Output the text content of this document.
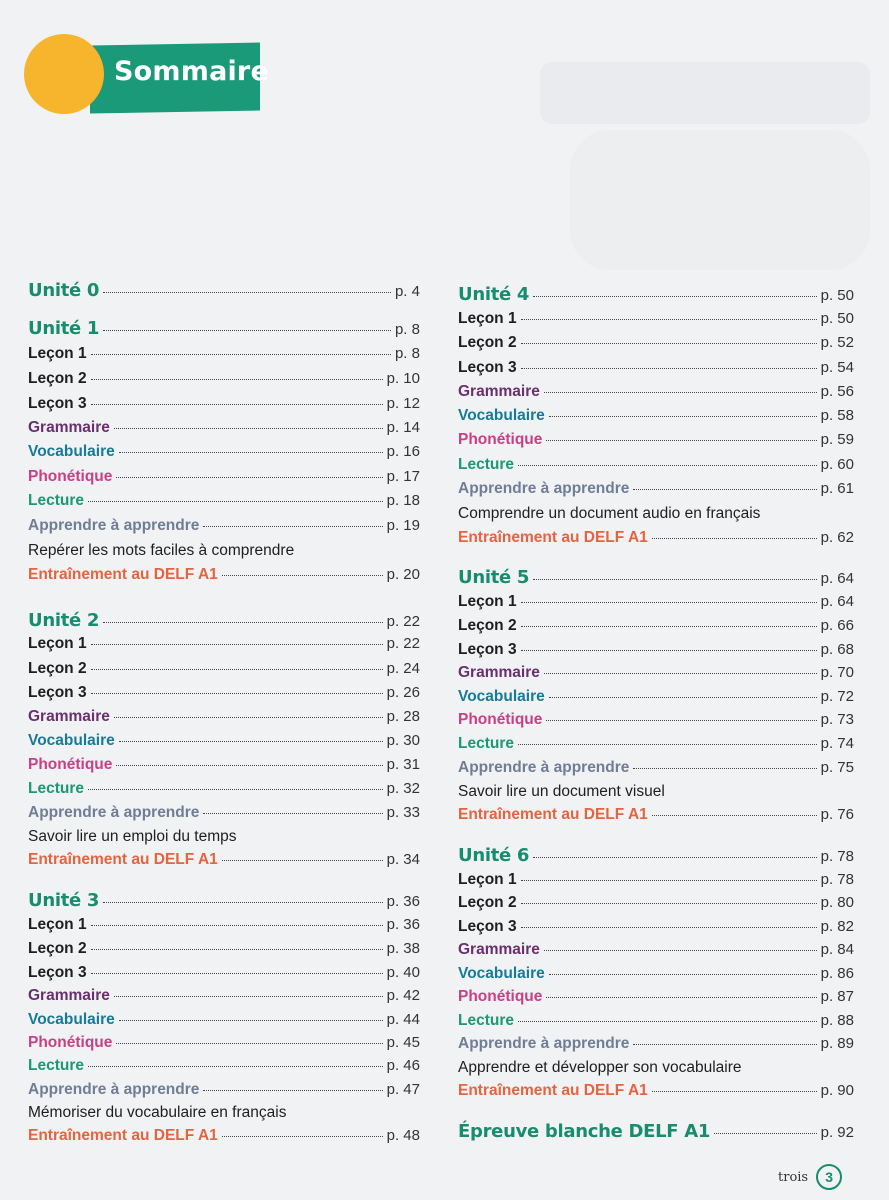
Sommaire
Unité 0	p. 4
Unité 1	p. 8
Leçon 1	p. 8
Leçon 2	p. 10
Leçon 3	p. 12
Grammaire	p. 14
Vocabulaire	p. 16
Phonétique	p. 17
Lecture	p. 18
Apprendre à apprendre	p. 19
Repérer les mots faciles à comprendre
Entraînement au DELF A1	p. 20
Unité 2	p. 22
Leçon 1	p. 22
Leçon 2	p. 24
Leçon 3	p. 26
Grammaire	p. 28
Vocabulaire	p. 30
Phonétique	p. 31
Lecture	p. 32
Apprendre à apprendre	p. 33
Savoir lire un emploi du temps
Entraînement au DELF A1	p. 34
Unité 3	p. 36
Leçon 1	p. 36
Leçon 2	p. 38
Leçon 3	p. 40
Grammaire	p. 42
Vocabulaire	p. 44
Phonétique	p. 45
Lecture	p. 46
Apprendre à apprendre	p. 47
Mémoriser du vocabulaire en français
Entraînement au DELF A1	p. 48
Unité 4	p. 50
Leçon 1	p. 50
Leçon 2	p. 52
Leçon 3	p. 54
Grammaire	p. 56
Vocabulaire	p. 58
Phonétique	p. 59
Lecture	p. 60
Apprendre à apprendre	p. 61
Comprendre un document audio en français
Entraînement au DELF A1	p. 62
Unité 5	p. 64
Leçon 1	p. 64
Leçon 2	p. 66
Leçon 3	p. 68
Grammaire	p. 70
Vocabulaire	p. 72
Phonétique	p. 73
Lecture	p. 74
Apprendre à apprendre	p. 75
Savoir lire un document visuel
Entraînement au DELF A1	p. 76
Unité 6	p. 78
Leçon 1	p. 78
Leçon 2	p. 80
Leçon 3	p. 82
Grammaire	p. 84
Vocabulaire	p. 86
Phonétique	p. 87
Lecture	p. 88
Apprendre à apprendre	p. 89
Apprendre et développer son vocabulaire
Entraînement au DELF A1	p. 90
Épreuve blanche DELF A1	p. 92
trois	3
